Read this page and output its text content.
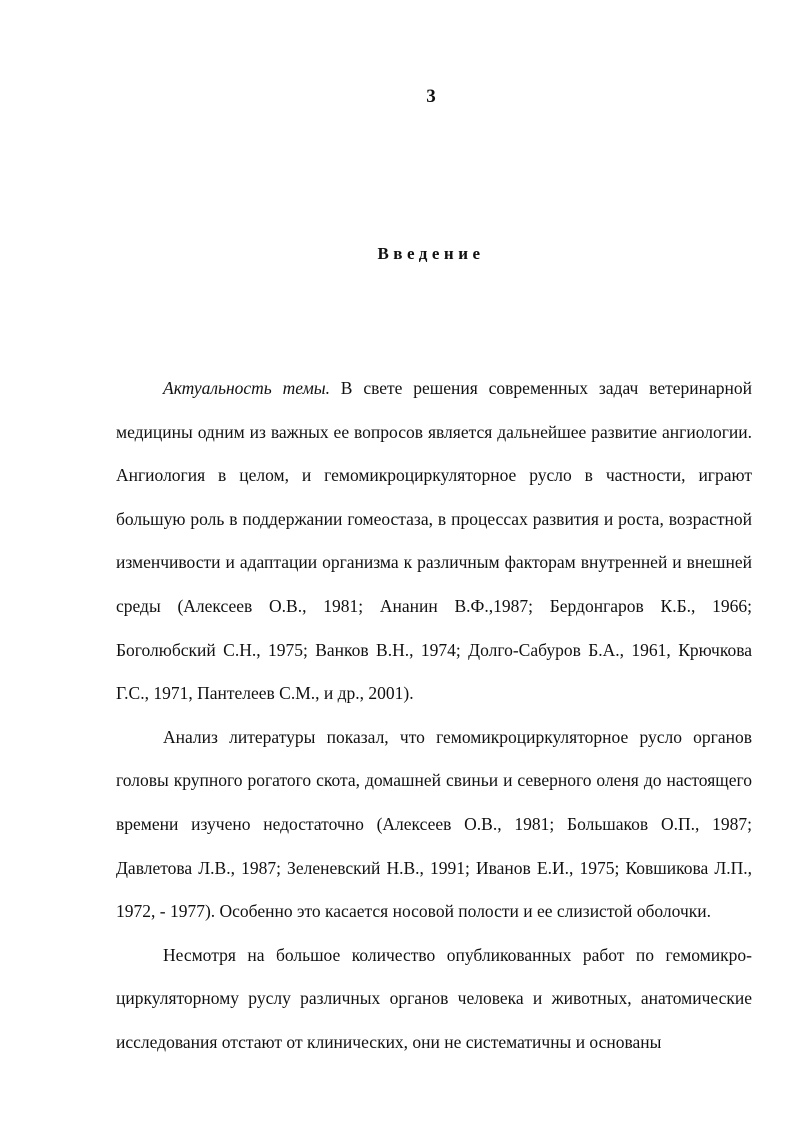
3
Введение

Актуальность темы. В свете решения современных задач ветеринарной медицины одним из важных ее вопросов является дальнейшее развитие ангиологии. Ангиология в целом, и гемомикроциркуляторное русло в частности, играют большую роль в поддержании гомеостаза, в процессах развития и роста, возрастной изменчивости и адаптации организма к различным факторам внутренней и внешней среды (Алексеев О.В., 1981; Ананин В.Ф.,1987; Бердонгаров К.Б., 1966; Боголюбский С.Н., 1975; Ванков В.Н., 1974; Долго-Сабуров Б.А., 1961, Крючкова Г.С., 1971, Пантелеев С.М., и др., 2001).

Анализ литературы показал, что гемомикроциркуляторное русло органов головы крупного рогатого скота, домашней свиньи и северного оленя до настоящего времени изучено недостаточно (Алексеев О.В., 1981; Большаков О.П., 1987; Давлетова Л.В., 1987; Зеленевский Н.В., 1991; Иванов Е.И., 1975; Ковшикова Л.П., 1972, - 1977). Особенно это касается носовой полости и ее слизистой оболочки.

Несмотря на большое количество опубликованных работ по гемомикроциркуляторному руслу различных органов человека и животных, анатомические исследования отстают от клинических, они не систематичны и основаны
